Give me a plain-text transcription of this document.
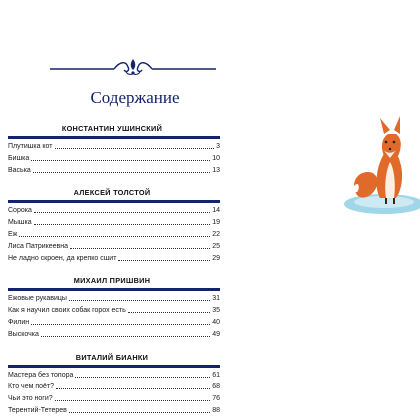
Содержание
КОНСТАНТИН УШИНСКИЙ
Плутишка кот	3
Бишка	10
Васька	13
АЛЕКСЕЙ ТОЛСТОЙ
Сорока	14
Мышка	19
Еж	22
Лиса Патрикеевна	25
Не ладно скроен, да крепко сшит	29
МИХАИЛ ПРИШВИН
Ежовые рукавицы	31
Как я научил своих собак горох есть	35
Филин	40
Выскочка	49
ВИТАЛИЙ БИАНКИ
Мастера без топора	61
Кто чем поёт?	68
Чьи это ноги?	76
Терентий-Тетерев	88
